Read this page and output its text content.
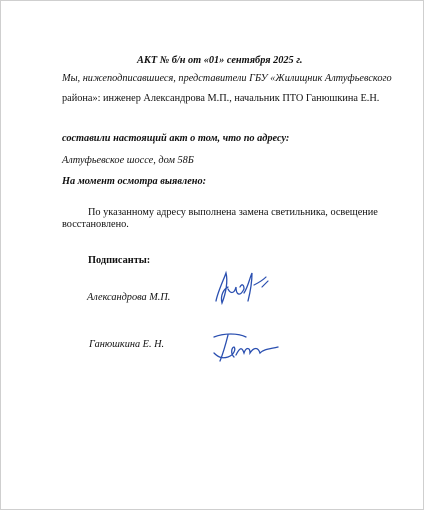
АКТ № б/н от «01» сентября 2025 г.
Мы, нижеподписавшиеся, представители ГБУ «Жилищник Алтуфьевского
района»: инженер Александрова М.П., начальник ПТО Ганюшкина Е.Н.
составили настоящий акт о том, что по адресу:
Алтуфьевское шоссе, дом 58Б
На момент осмотра выявлено:
По указанному адресу выполнена замена светильника, освещение
восстановлено.
Подписанты:
Александрова М.П.
Ганюшкина Е. Н.
